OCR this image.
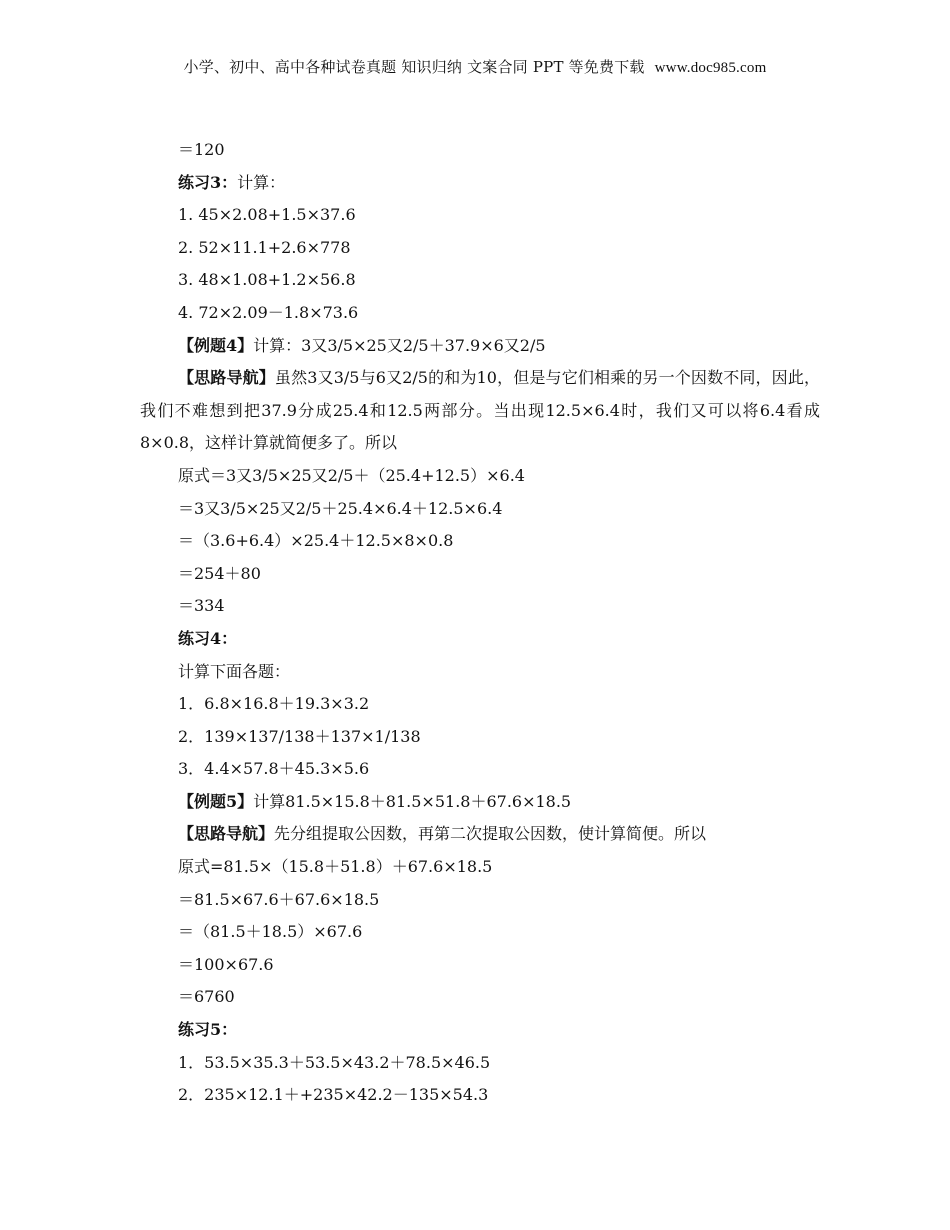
小学、初中、高中各种试卷真题 知识归纳 文案合同 PPT 等免费下载 www.doc985.com
＝120
练习3：计算：
1. 45×2.08+1.5×37.6
2. 52×11.1+2.6×778
3. 48×1.08+1.2×56.8
4. 72×2.09－1.8×73.6
【例题4】计算：3又3/5×25又2/5＋37.9×6又2/5
【思路导航】虽然3又3/5与6又2/5的和为10，但是与它们相乘的另一个因数不同，因此，我们不难想到把37.9分成25.4和12.5两部分。当出现12.5×6.4时，我们又可以将6.4看成8×0.8，这样计算就简便多了。所以
原式＝3又3/5×25又2/5＋（25.4+12.5）×6.4
＝3又3/5×25又2/5＋25.4×6.4＋12.5×6.4
＝（3.6+6.4）×25.4＋12.5×8×0.8
＝254＋80
＝334
练习4：
计算下面各题：
1．6.8×16.8＋19.3×3.2
2．139×137/138＋137×1/138
3．4.4×57.8＋45.3×5.6
【例题5】计算81.5×15.8＋81.5×51.8＋67.6×18.5
【思路导航】先分组提取公因数，再第二次提取公因数，使计算简便。所以
原式=81.5×（15.8＋51.8）＋67.6×18.5
＝81.5×67.6＋67.6×18.5
＝（81.5＋18.5）×67.6
＝100×67.6
＝6760
练习5：
1．53.5×35.3＋53.5×43.2＋78.5×46.5
2．235×12.1＋+235×42.2－135×54.3
